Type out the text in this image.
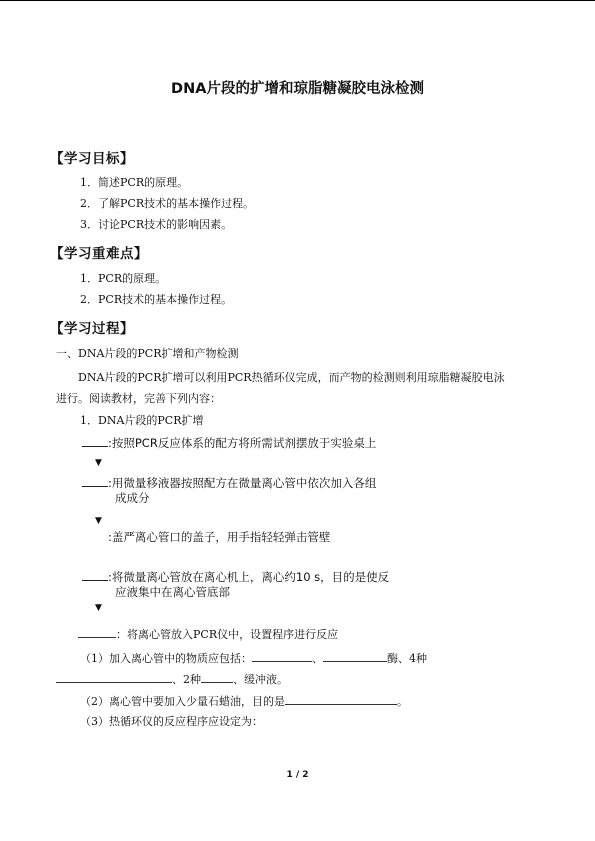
DNA片段的扩增和琼脂糖凝胶电泳检测
【学习目标】
1．简述PCR的原理。
2．了解PCR技术的基本操作过程。
3．讨论PCR技术的影响因素。
【学习重难点】
1．PCR的原理。
2．PCR技术的基本操作过程。
【学习过程】
一、DNA片段的PCR扩增和产物检测
DNA片段的PCR扩增可以利用PCR热循环仪完成，而产物的检测则利用琼脂糖凝胶电泳
进行。阅读教材，完善下列内容：
1．DNA片段的PCR扩增
:按照PCR反应体系的配方将所需试剂摆放于实验桌上
▼
:用微量移液器按照配方在微量离心管中依次加入各组
成成分
▼
:盖严离心管口的盖子，用手指轻轻弹击管壁
:将微量离心管放在离心机上，离心约10 s，目的是使反
应液集中在离心管底部
▼
：将离心管放入PCR仪中，设置程序进行反应
（1）加入离心管中的物质应包括：	、	酶、4种
、2种	、缓冲液。
（2）离心管中要加入少量石蜡油，目的是	。
（3）热循环仪的反应程序应设定为：
1 / 2
